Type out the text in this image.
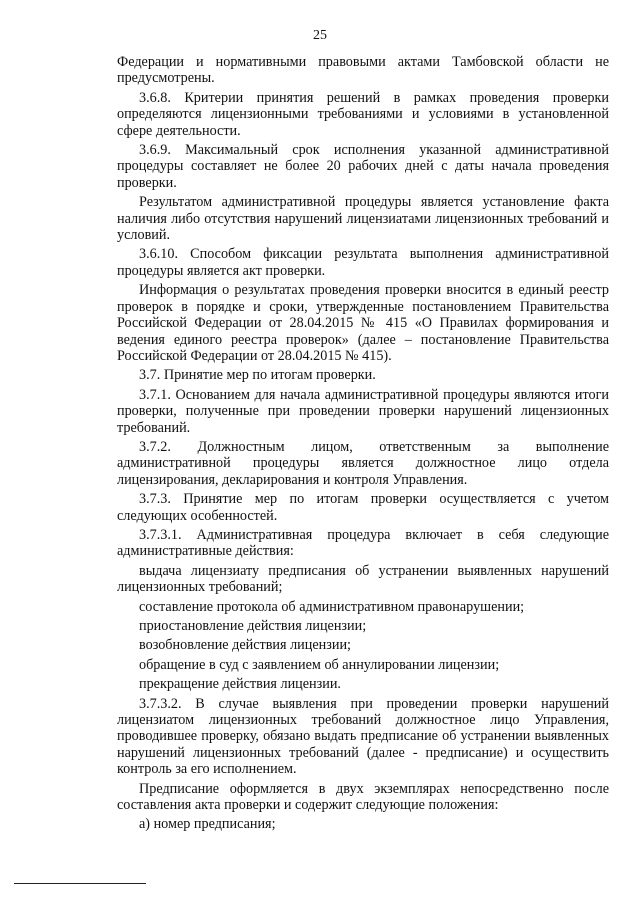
25

Федерации и нормативными правовыми актами Тамбовской области не предусмотрены.

3.6.8. Критерии принятия решений в рамках проведения проверки определяются лицензионными требованиями и условиями в установленной сфере деятельности.

3.6.9. Максимальный срок исполнения указанной административной процедуры составляет не более 20 рабочих дней с даты начала проведения проверки.

Результатом административной процедуры является установление факта наличия либо отсутствия нарушений лицензиатами лицензионных требований и условий.

3.6.10. Способом фиксации результата выполнения административной процедуры является акт проверки.

Информация о результатах проведения проверки вносится в единый реестр проверок в порядке и сроки, утвержденные постановлением Правительства Российской Федерации от 28.04.2015 № 415 «О Правилах формирования и ведения единого реестра проверок» (далее – постановление Правительства Российской Федерации от 28.04.2015 № 415).

3.7. Принятие мер по итогам проверки.

3.7.1. Основанием для начала административной процедуры являются итоги проверки, полученные при проведении проверки нарушений лицензионных требований.

3.7.2. Должностным лицом, ответственным за выполнение административной процедуры является должностное лицо отдела лицензирования, декларирования и контроля Управления.

3.7.3. Принятие мер по итогам проверки осуществляется с учетом следующих особенностей.

3.7.3.1. Административная процедура включает в себя следующие административные действия:

выдача лицензиату предписания об устранении выявленных нарушений лицензионных требований;

составление протокола об административном правонарушении;

приостановление действия лицензии;

возобновление действия лицензии;

обращение в суд с заявлением об аннулировании лицензии;

прекращение действия лицензии.

3.7.3.2. В случае выявления при проведении проверки нарушений лицензиатом лицензионных требований должностное лицо Управления, проводившее проверку, обязано выдать предписание об устранении выявленных нарушений лицензионных требований (далее - предписание) и осуществить контроль за его исполнением.

Предписание оформляется в двух экземплярах непосредственно после составления акта проверки и содержит следующие положения:

а) номер предписания;
